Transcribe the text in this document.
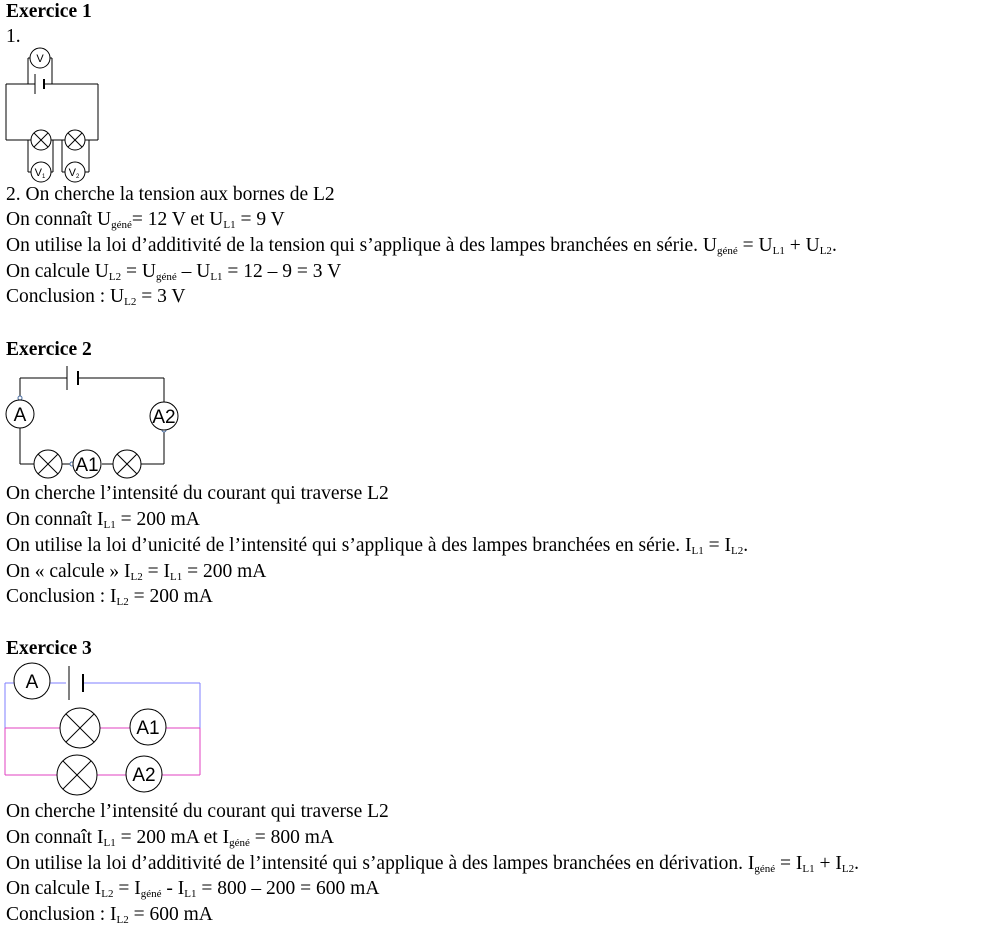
Exercice 1
1.
V
V1 V2
2. On cherche la tension aux bornes de L2
On connaît $U_{géné}= 12$ V et $U_{L1} = 9$ V
On utilise la loi d’additivité de la tension qui s’applique à des lampes branchées en série. $U_{géné} = U_{L1} + U_{L2}$.
On calcule $U_{L2} = U_{géné} - U_{L1} = 12 - 9 = 3$ V
Conclusion : $U_{L2} = 3$ V
Exercice 2
A	A2
A1
On cherche l’intensité du courant qui traverse L2
On connaît $I_{L1} = 200$ mA
On utilise la loi d’unicité de l’intensité qui s’applique à des lampes branchées en série. $I_{L1} = I_{L2}$.
On « calcule » $I_{L2} = I_{L1} = 200$ mA
Conclusion : $I_{L2} = 200$ mA
Exercice 3
A
A1
A2
On cherche l’intensité du courant qui traverse L2
On connaît $I_{L1} = 200$ mA et $I_{géné} = 800$ mA
On utilise la loi d’additivité de l’intensité qui s’applique à des lampes branchées en dérivation. $I_{géné} = I_{L1} + I_{L2}$.
On calcule $I_{L2} = I_{géné} - I_{L1} = 800 - 200 = 600$ mA
Conclusion : $I_{L2} = 600$ mA
